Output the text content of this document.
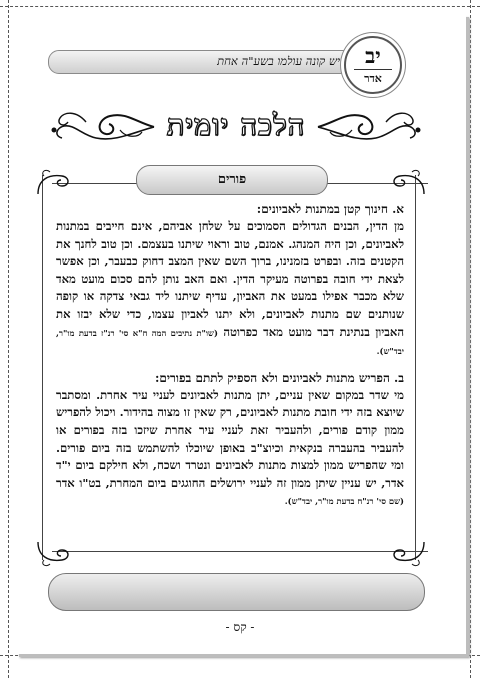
יש קונה עולמו בשע"ה אחת	יב
אדר
הלכה יומית
פורים

א. חינוך קטן במתנות לאביונים:

מן הדין, הבנים הגדולים הסמוכים על שלחן אביהם, אינם חייבים במתנות לאביונים, וכן היה המנהג. אמנם, טוב וראוי שיתנו בעצמם. וכן טוב לחנך את הקטנים בזה. ובפרט בזמנינו, ברוך השם שאין המצב דחוק כבעבר, וכן אפשר לצאת ידי חובה בפרוטה מעיקר הדין. ואם האב נותן להם סכום מועט מאד שלא מכבר אפילו במעט את האביון, עדיף שיתנו ליד גבאי צדקה או קופה שנותנים שם מתנות לאביונים, ולא יתנו לאביון עצמו, כדי שלא יבזו את האביון בנתינת דבר מועט מאד כפרוטה (שו"ת נתיבים המה ח"א סי' רנ"ז בדעת מו"ר, יבד"ש).

ב. הפריש מתנות לאביונים ולא הספיק לתתם בפורים:

מי שדר במקום שאין עניים, יתן מתנות לאביונים לעניי עיר אחרת. ומסתבר שיוצא בזה ידי חובת מתנות לאביונים, רק שאין זו מצוה בהידור. ויכול להפריש ממון קודם פורים, ולהעביר זאת לעניי עיר אחרת שיזכו בזה בפורים או להעביר בהעברה בנקאית וכיוצ"ב באופן שיוכלו להשתמש בזה ביום פורים. ומי שהפריש ממון למצות מתנות לאביונים ונטרד ושכח, ולא חילקם ביום י"ד אדר, יש עניין שיתן ממון זה לעניי ירושלים החוגגים ביום המחרת, בט"ו אדר (שם סי' רנ"ח בדעת מו"ר, יבד"ש).

- קס -
